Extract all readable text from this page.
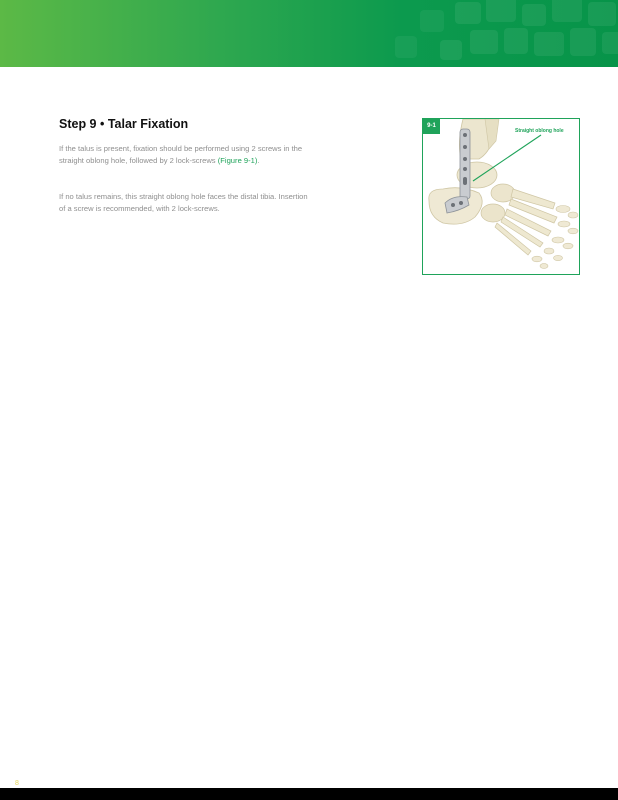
Step 9 • Talar Fixation
If the talus is present, fixation should be performed using 2 screws in the straight oblong hole, followed by 2 lock-screws (Figure 9-1).
If no talus remains, this straight oblong hole faces the distal tibia. Insertion of a screw is recommended, with 2 lock-screws.
9-1
Straight oblong hole
8
